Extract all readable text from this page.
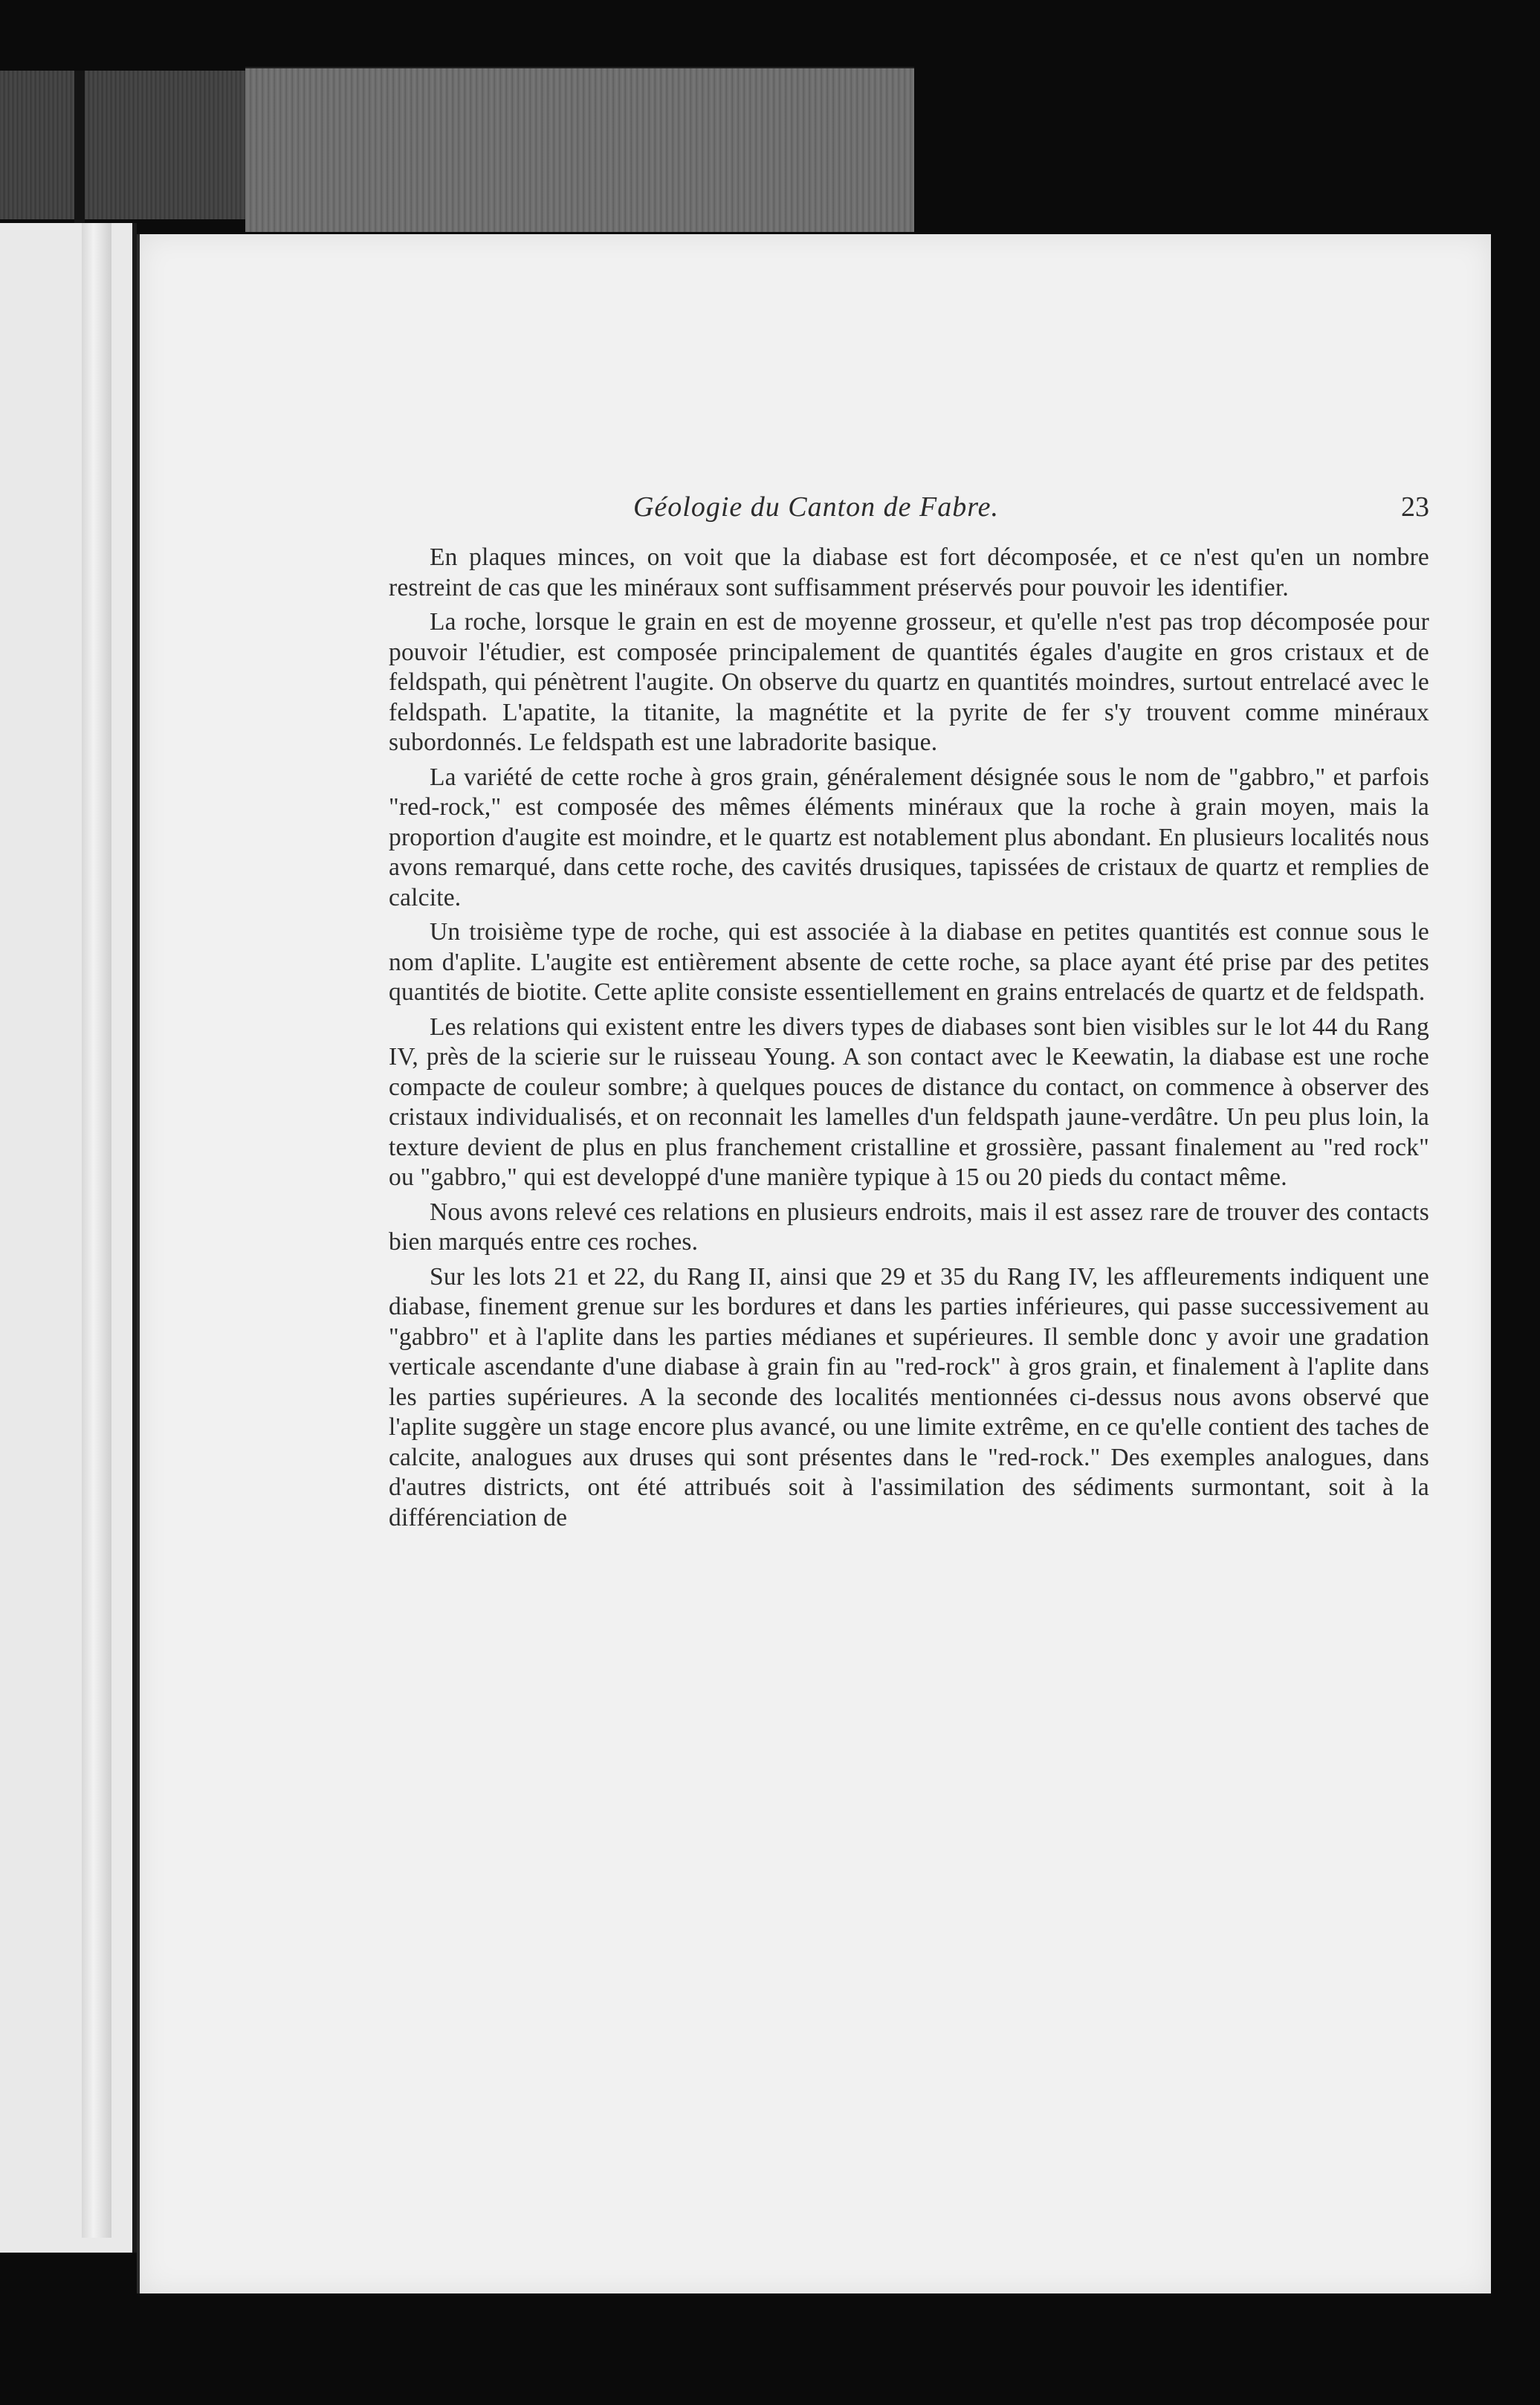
Géologie du Canton de Fabre.	23

En plaques minces, on voit que la diabase est fort décomposée, et ce n'est qu'en un nombre restreint de cas que les minéraux sont suffisamment préservés pour pouvoir les identifier.

La roche, lorsque le grain en est de moyenne grosseur, et qu'elle n'est pas trop décomposée pour pouvoir l'étudier, est composée principalement de quantités égales d'augite en gros cristaux et de feldspath, qui pénètrent l'augite. On observe du quartz en quantités moindres, surtout entrelacé avec le feldspath. L'apatite, la titanite, la magnétite et la pyrite de fer s'y trouvent comme minéraux subordonnés. Le feldspath est une labradorite basique.

La variété de cette roche à gros grain, généralement désignée sous le nom de "gabbro," et parfois "red-rock," est composée des mêmes éléments minéraux que la roche à grain moyen, mais la proportion d'augite est moindre, et le quartz est notablement plus abondant. En plusieurs localités nous avons remarqué, dans cette roche, des cavités drusiques, tapissées de cristaux de quartz et remplies de calcite.

Un troisième type de roche, qui est associée à la diabase en petites quantités est connue sous le nom d'aplite. L'augite est entièrement absente de cette roche, sa place ayant été prise par des petites quantités de biotite. Cette aplite consiste essentiellement en grains entrelacés de quartz et de feldspath.

Les relations qui existent entre les divers types de diabases sont bien visibles sur le lot 44 du Rang IV, près de la scierie sur le ruisseau Young. A son contact avec le Keewatin, la diabase est une roche compacte de couleur sombre; à quelques pouces de distance du contact, on commence à observer des cristaux individualisés, et on reconnait les lamelles d'un feldspath jaune-verdâtre. Un peu plus loin, la texture devient de plus en plus franchement cristalline et grossière, passant finalement au "red rock" ou "gabbro," qui est developpé d'une manière typique à 15 ou 20 pieds du contact même.

Nous avons relevé ces relations en plusieurs endroits, mais il est assez rare de trouver des contacts bien marqués entre ces roches.

Sur les lots 21 et 22, du Rang II, ainsi que 29 et 35 du Rang IV, les affleurements indiquent une diabase, finement grenue sur les bordures et dans les parties inférieures, qui passe successivement au "gabbro" et à l'aplite dans les parties médianes et supérieures. Il semble donc y avoir une gradation verticale ascendante d'une diabase à grain fin au "red-rock" à gros grain, et finalement à l'aplite dans les parties supérieures. A la seconde des localités mentionnées ci-dessus nous avons observé que l'aplite suggère un stage encore plus avancé, ou une limite extrême, en ce qu'elle contient des taches de calcite, analogues aux druses qui sont présentes dans le "red-rock." Des exemples analogues, dans d'autres districts, ont été attribués soit à l'assimilation des sédiments surmontant, soit à la différenciation de
